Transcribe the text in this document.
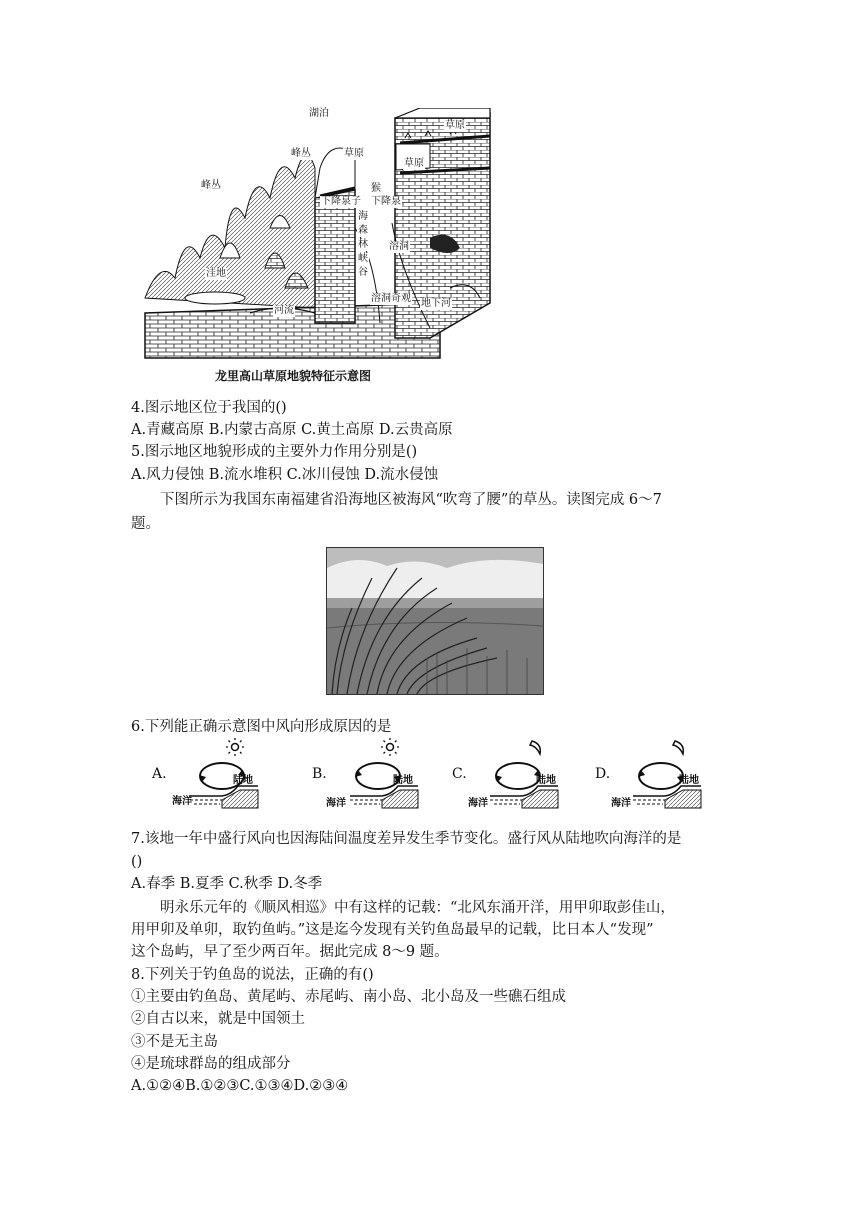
湖泊
草原
草原
草原
峰丛
峰丛
猴
下降泉子 下降泉
海
森
林
峡
谷
溶洞
洼地
溶洞奇观
河流
地下河
龙里高山草原地貌特征示意图
4.图示地区位于我国的()
A.青藏高原 B.内蒙古高原 C.黄土高原 D.云贵高原
5.图示地区地貌形成的主要外力作用分别是()
A.风力侵蚀 B.流水堆积 C.冰川侵蚀 D.流水侵蚀
下图所示为我国东南福建省沿海地区被海风“吹弯了腰”的草丛。读图完成 6～7
题。
6.下列能正确示意图中风向形成原因的是
A.	陆地
海洋
B.	陆地
海洋
C.	陆地
海洋
D.	陆地
海洋
7.该地一年中盛行风向也因海陆间温度差异发生季节变化。盛行风从陆地吹向海洋的是
()
A.春季 B.夏季 C.秋季 D.冬季
明永乐元年的《顺风相巡》中有这样的记载：“北风东涌开洋，用甲卯取彭佳山，
用甲卯及单卯，取钓鱼屿。”这是迄今发现有关钓鱼岛最早的记载，比日本人“发现”
这个岛屿，早了至少两百年。据此完成 8～9 题。
8.下列关于钓鱼岛的说法，正确的有()
①主要由钓鱼岛、黄尾屿、赤尾屿、南小岛、北小岛及一些礁石组成
②自古以来，就是中国领土
③不是无主岛
④是琉球群岛的组成部分
A.①②④B.①②③C.①③④D.②③④
